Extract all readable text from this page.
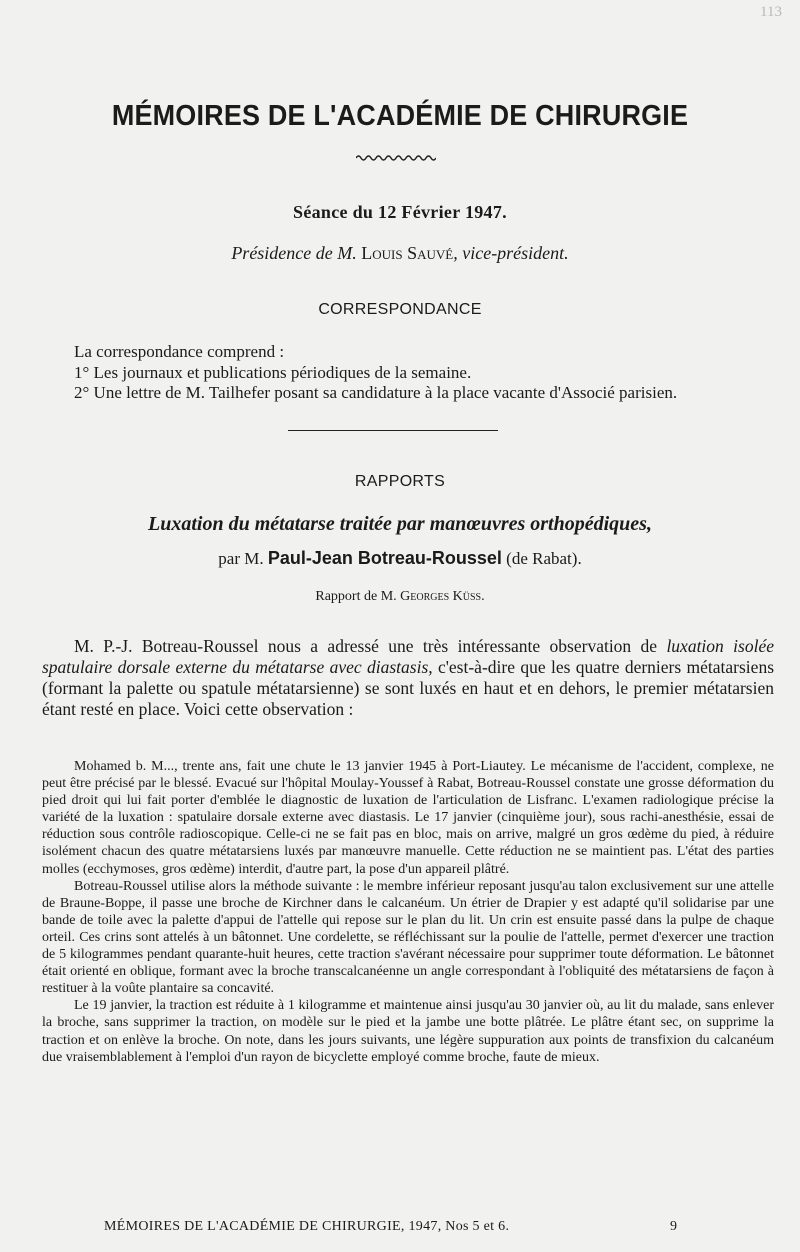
113
MÉMOIRES DE L'ACADÉMIE DE CHIRURGIE
Séance du 12 Février 1947.
Présidence de M. Louis Sauvé, vice-président.
CORRESPONDANCE

La correspondance comprend :

1° Les journaux et publications périodiques de la semaine.

2° Une lettre de M. Tailhefer posant sa candidature à la place vacante d'Associé parisien.

RAPPORTS
Luxation du métatarse traitée par manœuvres orthopédiques,
par M. Paul-Jean Botreau-Roussel (de Rabat).
Rapport de M. Georges Küss.
M. P.-J. Botreau-Roussel nous a adressé une très intéressante observation de luxation isolée spatulaire dorsale externe du métatarse avec diastasis, c'est-à-dire que les quatre derniers métatarsiens (formant la palette ou spatule métatarsienne) se sont luxés en haut et en dehors, le premier métatarsien étant resté en place. Voici cette observation :

Mohamed b. M..., trente ans, fait une chute le 13 janvier 1945 à Port-Liautey. Le mécanisme de l'accident, complexe, ne peut être précisé par le blessé. Evacué sur l'hôpital Moulay-Youssef à Rabat, Botreau-Roussel constate une grosse déformation du pied droit qui lui fait porter d'emblée le diagnostic de luxation de l'articulation de Lisfranc. L'examen radiologique précise la variété de la luxation : spatulaire dorsale externe avec diastasis. Le 17 janvier (cinquième jour), sous rachi-anesthésie, essai de réduction sous contrôle radioscopique. Celle-ci ne se fait pas en bloc, mais on arrive, malgré un gros œdème du pied, à réduire isolément chacun des quatre métatarsiens luxés par manœuvre manuelle. Cette réduction ne se maintient pas. L'état des parties molles (ecchymoses, gros œdème) interdit, d'autre part, la pose d'un appareil plâtré.

Botreau-Roussel utilise alors la méthode suivante : le membre inférieur reposant jusqu'au talon exclusivement sur une attelle de Braune-Boppe, il passe une broche de Kirchner dans le calcanéum. Un étrier de Drapier y est adapté qu'il solidarise par une bande de toile avec la palette d'appui de l'attelle qui repose sur le plan du lit. Un crin est ensuite passé dans la pulpe de chaque orteil. Ces crins sont attelés à un bâtonnet. Une cordelette, se réfléchissant sur la poulie de l'attelle, permet d'exercer une traction de 5 kilogrammes pendant quarante-huit heures, cette traction s'avérant nécessaire pour supprimer toute déformation. Le bâtonnet était orienté en oblique, formant avec la broche transcalcanéenne un angle correspondant à l'obliquité des métatarsiens de façon à restituer à la voûte plantaire sa concavité.

Le 19 janvier, la traction est réduite à 1 kilogramme et maintenue ainsi jusqu'au 30 janvier où, au lit du malade, sans enlever la broche, sans supprimer la traction, on modèle sur le pied et la jambe une botte plâtrée. Le plâtre étant sec, on supprime la traction et on enlève la broche. On note, dans les jours suivants, une légère suppuration aux points de transfixion du calcanéum due vraisemblablement à l'emploi d'un rayon de bicyclette employé comme broche, faute de mieux.

MÉMOIRES DE L'ACADÉMIE DE CHIRURGIE, 1947, Nos 5 et 6.	9
